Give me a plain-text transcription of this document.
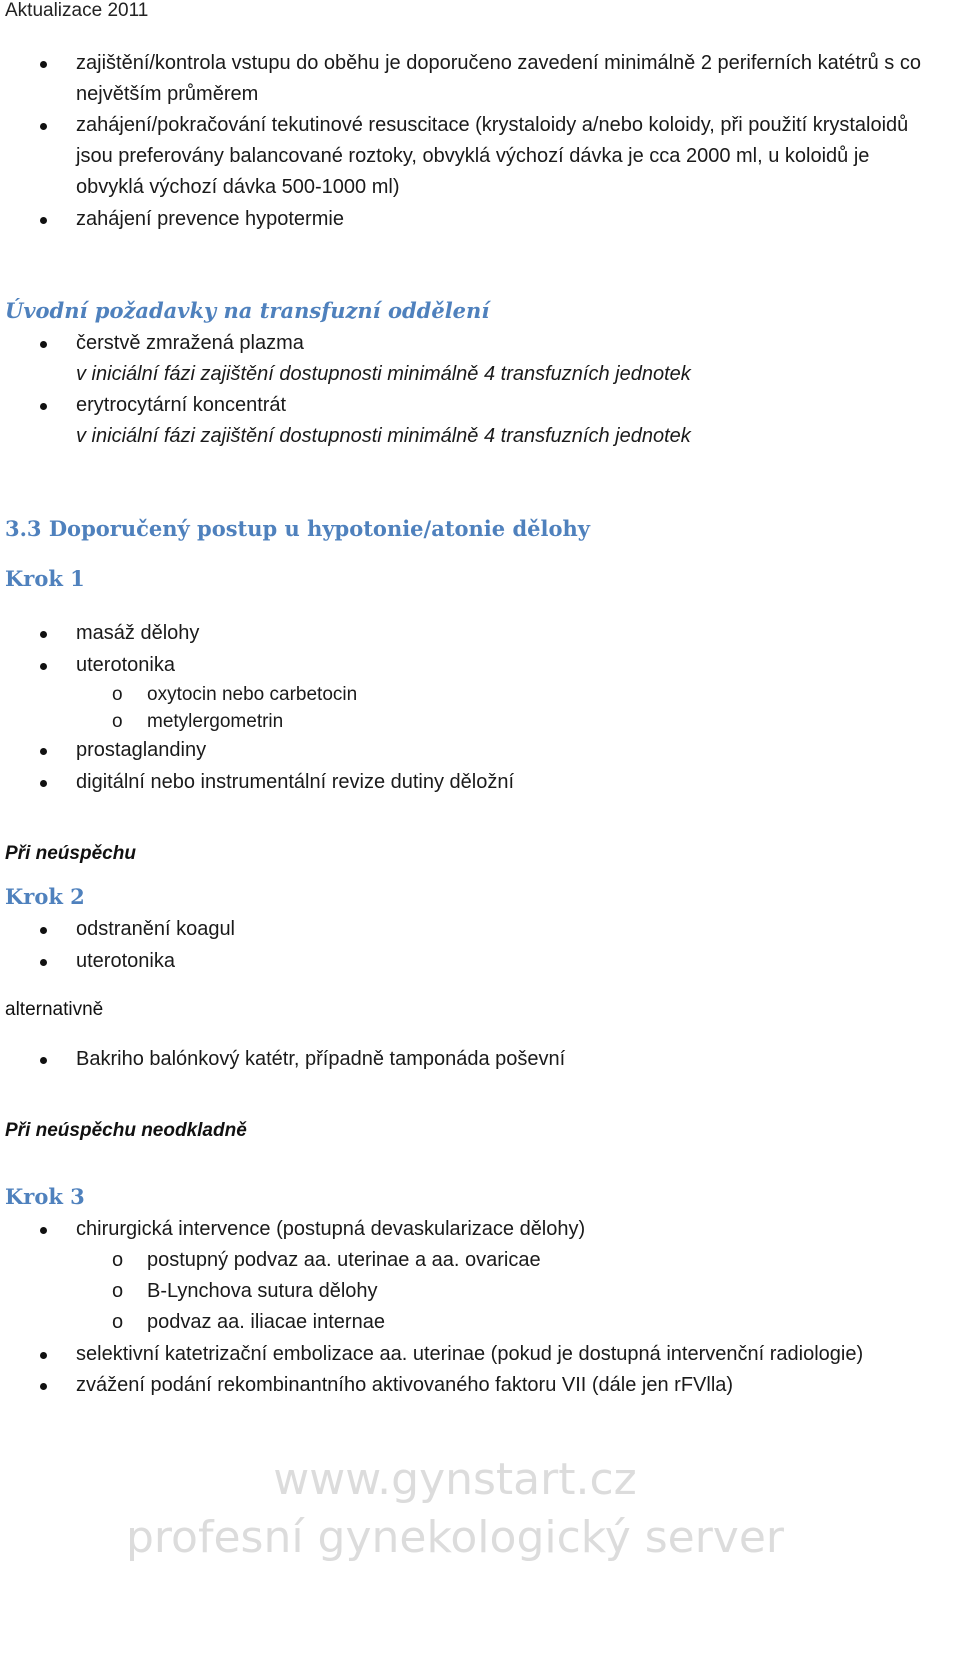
Aktualizace 2011
zajištění/kontrola vstupu do oběhu je doporučeno zavedení minimálně 2 periferních katétrů s co největším průměrem
zahájení/pokračování tekutinové resuscitace (krystaloidy a/nebo koloidy, při použití krystaloidů jsou preferovány balancované roztoky, obvyklá výchozí dávka je cca 2000 ml, u koloidů je obvyklá výchozí dávka 500-1000 ml)
zahájení prevence hypotermie
Úvodní požadavky na transfuzní oddělení
čerstvě zmražená plazma
v iniciální fázi zajištění dostupnosti minimálně 4 transfuzních jednotek
erytrocytární koncentrát
v iniciální fázi zajištění dostupnosti minimálně 4 transfuzních jednotek
3.3 Doporučený postup u hypotonie/atonie dělohy
Krok 1
masáž dělohy
uterotonika
o oxytocin nebo carbetocin
o metylergometrin
prostaglandiny
digitální nebo instrumentální revize dutiny děložní
Při neúspěchu
Krok 2
odstranění koagul
uterotonika
alternativně
Bakriho balónkový katétr, případně tamponáda poševní
Při neúspěchu neodkladně
Krok 3
chirurgická intervence (postupná devaskularizace dělohy)
o postupný podvaz aa. uterinae a aa. ovaricae
o B-Lynchova sutura dělohy
o podvaz aa. iliacae internae
selektivní katetrizační embolizace aa. uterinae (pokud je dostupná intervenční radiologie)
zvážení podání rekombinantního aktivovaného faktoru VII (dále jen rFVlla)
www.gynstart.cz
profesní gynekologický server
